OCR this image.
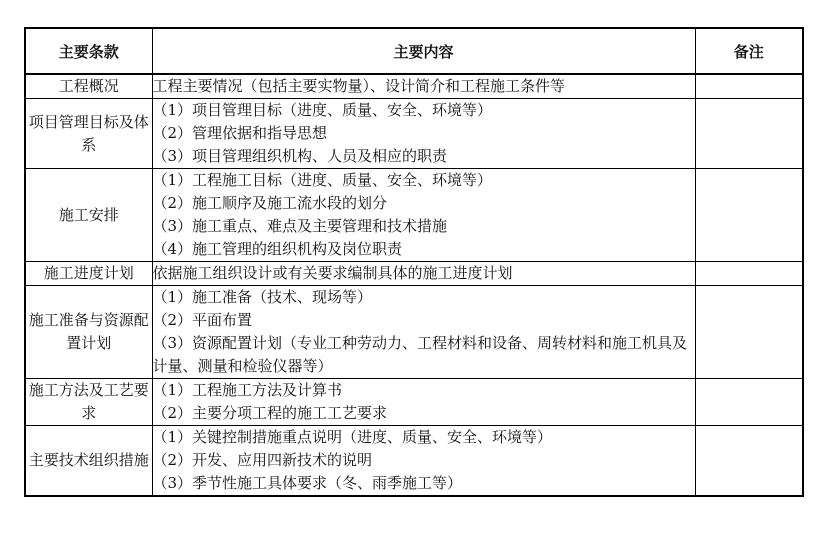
主要条款	主要内容	备注
工程概况	工程主要情况（包括主要实物量）、设计简介和工程施工条件等	

项目管理目标及体系	（1）项目管理目标（进度、质量、安全、环境等）
（2）管理依据和指导思想
（3）项目管理组织机构、人员及相应的职责	

施工安排	（1）工程施工目标（进度、质量、安全、环境等）
（2）施工顺序及施工流水段的划分
（3）施工重点、难点及主要管理和技术措施
（4）施工管理的组织机构及岗位职责	

施工进度计划	依据施工组织设计或有关要求编制具体的施工进度计划	

施工准备与资源配置计划	（1）施工准备（技术、现场等）
（2）平面布置
（3）资源配置计划（专业工种劳动力、工程材料和设备、周转材料和施工机具及计量、测量和检验仪器等）	

施工方法及工艺要求	（1）工程施工方法及计算书
（2）主要分项工程的施工工艺要求	

主要技术组织措施	（1）关键控制措施重点说明（进度、质量、安全、环境等）
（2）开发、应用四新技术的说明
（3）季节性施工具体要求（冬、雨季施工等）	
